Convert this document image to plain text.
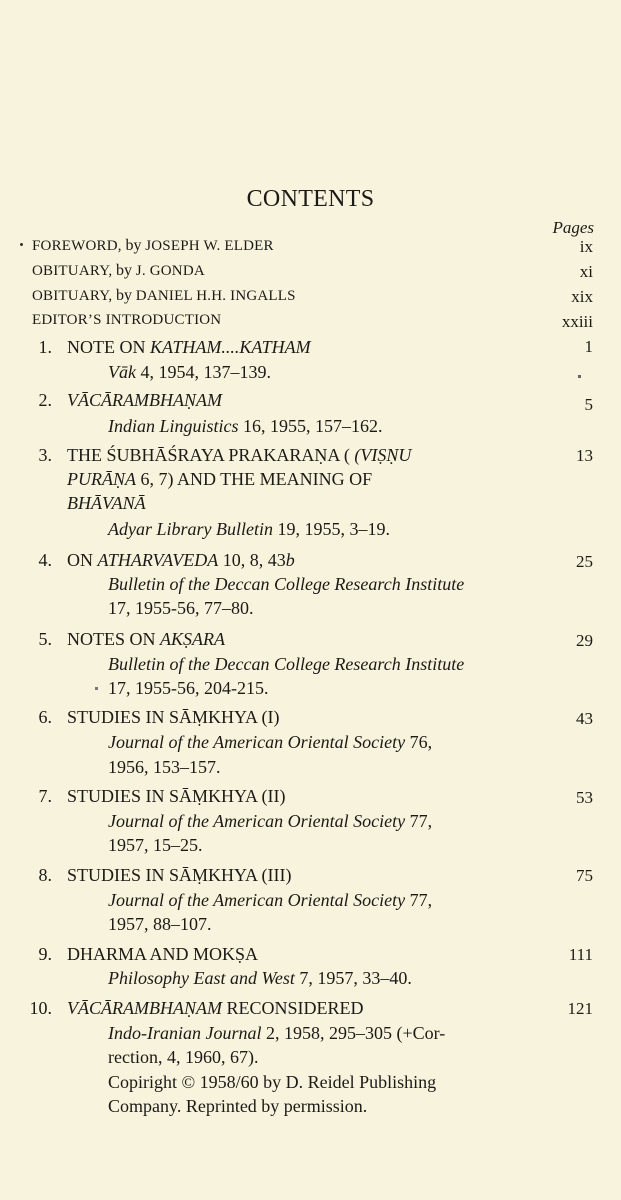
CONTENTS
Pages
FOREWORD, by JOSEPH W. ELDER	ix
OBITUARY, by J. GONDA	xi
OBITUARY, by DANIEL H.H. INGALLS	xix
EDITOR’S INTRODUCTION	xxiii
1. NOTE ON KATHAM....KATHAM	1
Vāk 4, 1954, 137–139.
2. VĀCĀRAMBHAṆAM	5
Indian Linguistics 16, 1955, 157–162.
3. THE ŚUBHĀŚRAYA PRAKARAṆA ( (VIṢṆU	13
PURĀṆA 6, 7) AND THE MEANING OF
BHĀVANĀ
Adyar Library Bulletin 19, 1955, 3–19.
4. ON ATHARVAVEDA 10, 8, 43b	25
Bulletin of the Deccan College Research Institute
17, 1955-56, 77–80.
5. NOTES ON AKṢARA	29
Bulletin of the Deccan College Research Institute
17, 1955-56, 204-215.
6. STUDIES IN SĀṂKHYA (I)	43
Journal of the American Oriental Society 76,
1956, 153–157.
7. STUDIES IN SĀṂKHYA (II)	53
Journal of the American Oriental Society 77,
1957, 15–25.
8. STUDIES IN SĀṂKHYA (III)	75
Journal of the American Oriental Society 77,
1957, 88–107.
9. DHARMA AND MOKṢA	111
Philosophy East and West 7, 1957, 33–40.
10. VĀCĀRAMBHAṆAM RECONSIDERED	121
Indo-Iranian Journal 2, 1958, 295–305 (+Cor-
rection, 4, 1960, 67).
Copiright © 1958/60 by D. Reidel Publishing
Company. Reprinted by permission.
